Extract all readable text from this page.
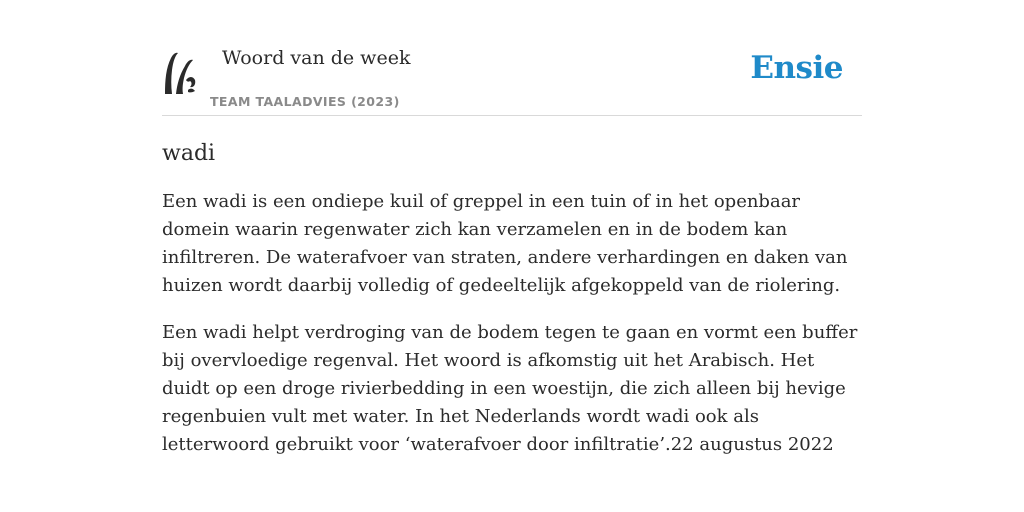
Woord van de week
TEAM TAALADVIES (2023)
Ensie
wadi

Een wadi is een ondiepe kuil of greppel in een tuin of in het openbaar domein waarin regenwater zich kan verzamelen en in de bodem kan infiltreren. De waterafvoer van straten, andere verhardingen en daken van huizen wordt daarbij volledig of gedeeltelijk afgekoppeld van de riolering.

Een wadi helpt verdroging van de bodem tegen te gaan en vormt een buffer bij overvloedige regenval. Het woord is afkomstig uit het Arabisch. Het duidt op een droge rivierbedding in een woestijn, die zich alleen bij hevige regenbuien vult met water. In het Nederlands wordt wadi ook als letterwoord gebruikt voor ‘waterafvoer door infiltratie’.22 augustus 2022
